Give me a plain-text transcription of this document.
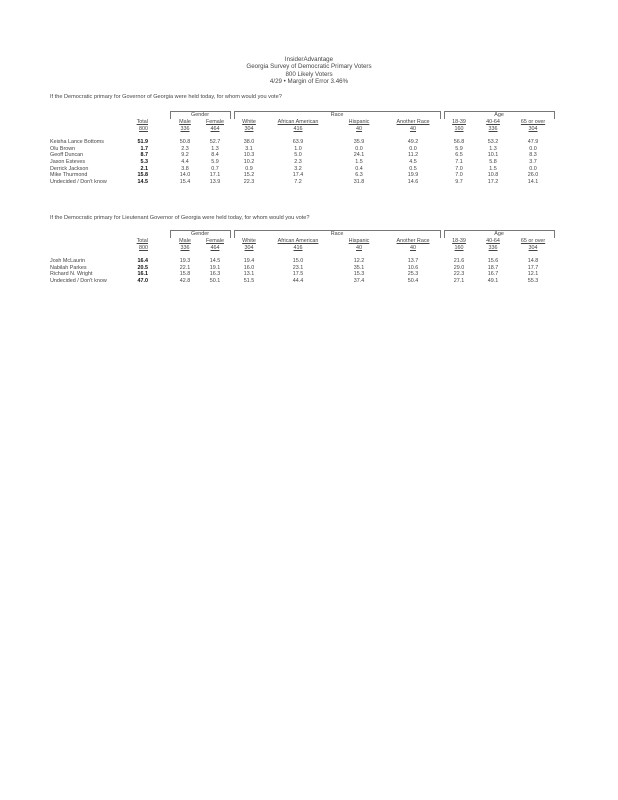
InsiderAdvantage
Georgia Survey of Democratic Primary Voters
800 Likely Voters
4/29 • Margin of Error 3.46%
If the Democratic primary for Governor of Georgia were held today, for whom would you vote?
			Gender			Race					Age		
	Total		Male	Female		White	African American	Hispanic	Another Race		18-39	40-64	65 or over
	800		336	464		304	416	40	40		160	336	304

Keisha Lance Bottoms	51.9		50.8	52.7		38.0	63.9	35.9	49.2		56.8	53.2	47.9
Olu Brown	1.7		2.3	1.3		3.1	1.0	0.0	0.0		5.9	1.3	0.0
Geoff Duncan	8.7		9.2	8.4		10.3	5.0	24.1	11.2		6.5	10.1	8.3
Jason Esteves	5.3		4.4	5.9		10.2	2.3	1.5	4.5		7.1	5.8	3.7
Derrick Jackson	2.1		3.8	0.7		0.9	3.2	0.4	0.5		7.0	1.5	0.0
Mike Thurmond	15.8		14.0	17.1		15.2	17.4	6.3	19.9		7.0	10.8	26.0
Undecided / Don't know	14.5		15.4	13.9		22.3	7.2	31.8	14.6		9.7	17.2	14.1
If the Democratic primary for Lieutenant Governor of Georgia were held today, for whom would you vote?
			Gender			Race					Age		
	Total		Male	Female		White	African American	Hispanic	Another Race		18-39	40-64	65 or over
	800		336	464		304	416	40	40		160	336	304

Josh McLaurin	16.4		19.3	14.5		19.4	15.0	12.2	13.7		21.6	15.6	14.8
Nabilah Parkes	20.5		22.1	19.1		16.0	23.1	35.1	10.6		29.0	18.7	17.7
Richard N. Wright	16.1		15.8	16.3		13.1	17.5	15.3	25.3		22.3	16.7	12.1
Undecided / Don't know	47.0		42.8	50.1		51.5	44.4	37.4	50.4		27.1	49.1	55.3
